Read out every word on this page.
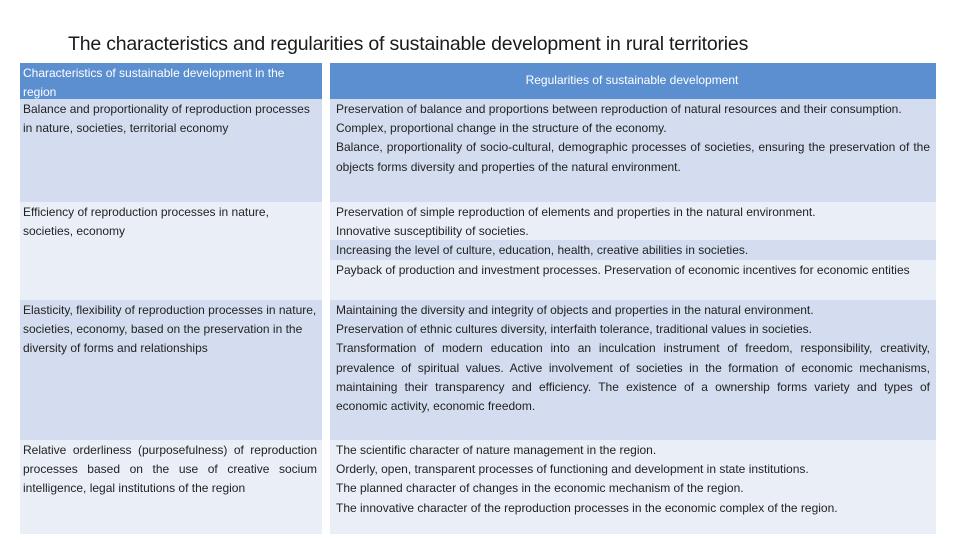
The characteristics and regularities of sustainable development in rural territories
Characteristics of sustainable development in the region
Regularities of sustainable development
Balance and proportionality of reproduction processes in nature, societies, territorial economy
Preservation of balance and proportions between reproduction of natural resources and their consumption.
Complex, proportional change in the structure of the economy.
Balance, proportionality of socio-cultural, demographic processes of societies, ensuring the preservation of the objects forms diversity and properties of the natural environment.
Efficiency of reproduction processes in nature, societies, economy
Elasticity, flexibility of reproduction processes in nature, societies, economy, based on the preservation in the diversity of forms and relationships
Preservation of simple reproduction of elements and properties in the natural environment.
Innovative susceptibility of societies.
Increasing the level of culture, education, health, creative abilities in societies.
Payback of production and investment processes. Preservation of economic incentives for economic entities
Maintaining the diversity and integrity of objects and properties in the natural environment.
Preservation of ethnic cultures diversity, interfaith tolerance, traditional values in societies.
Transformation of modern education into an inculcation instrument of freedom, responsibility, creativity, prevalence of spiritual values. Active involvement of societies in the formation of economic mechanisms, maintaining their transparency and efficiency. The existence of a ownership forms variety and types of economic activity, economic freedom.
Relative orderliness (purposefulness) of reproduction processes based on the use of creative socium intelligence, legal institutions of the region
The scientific character of nature management in the region.
Orderly, open, transparent processes of functioning and development in state institutions.
The planned character of changes in the economic mechanism of the region.
The innovative character of the reproduction processes in the economic complex of the region.
